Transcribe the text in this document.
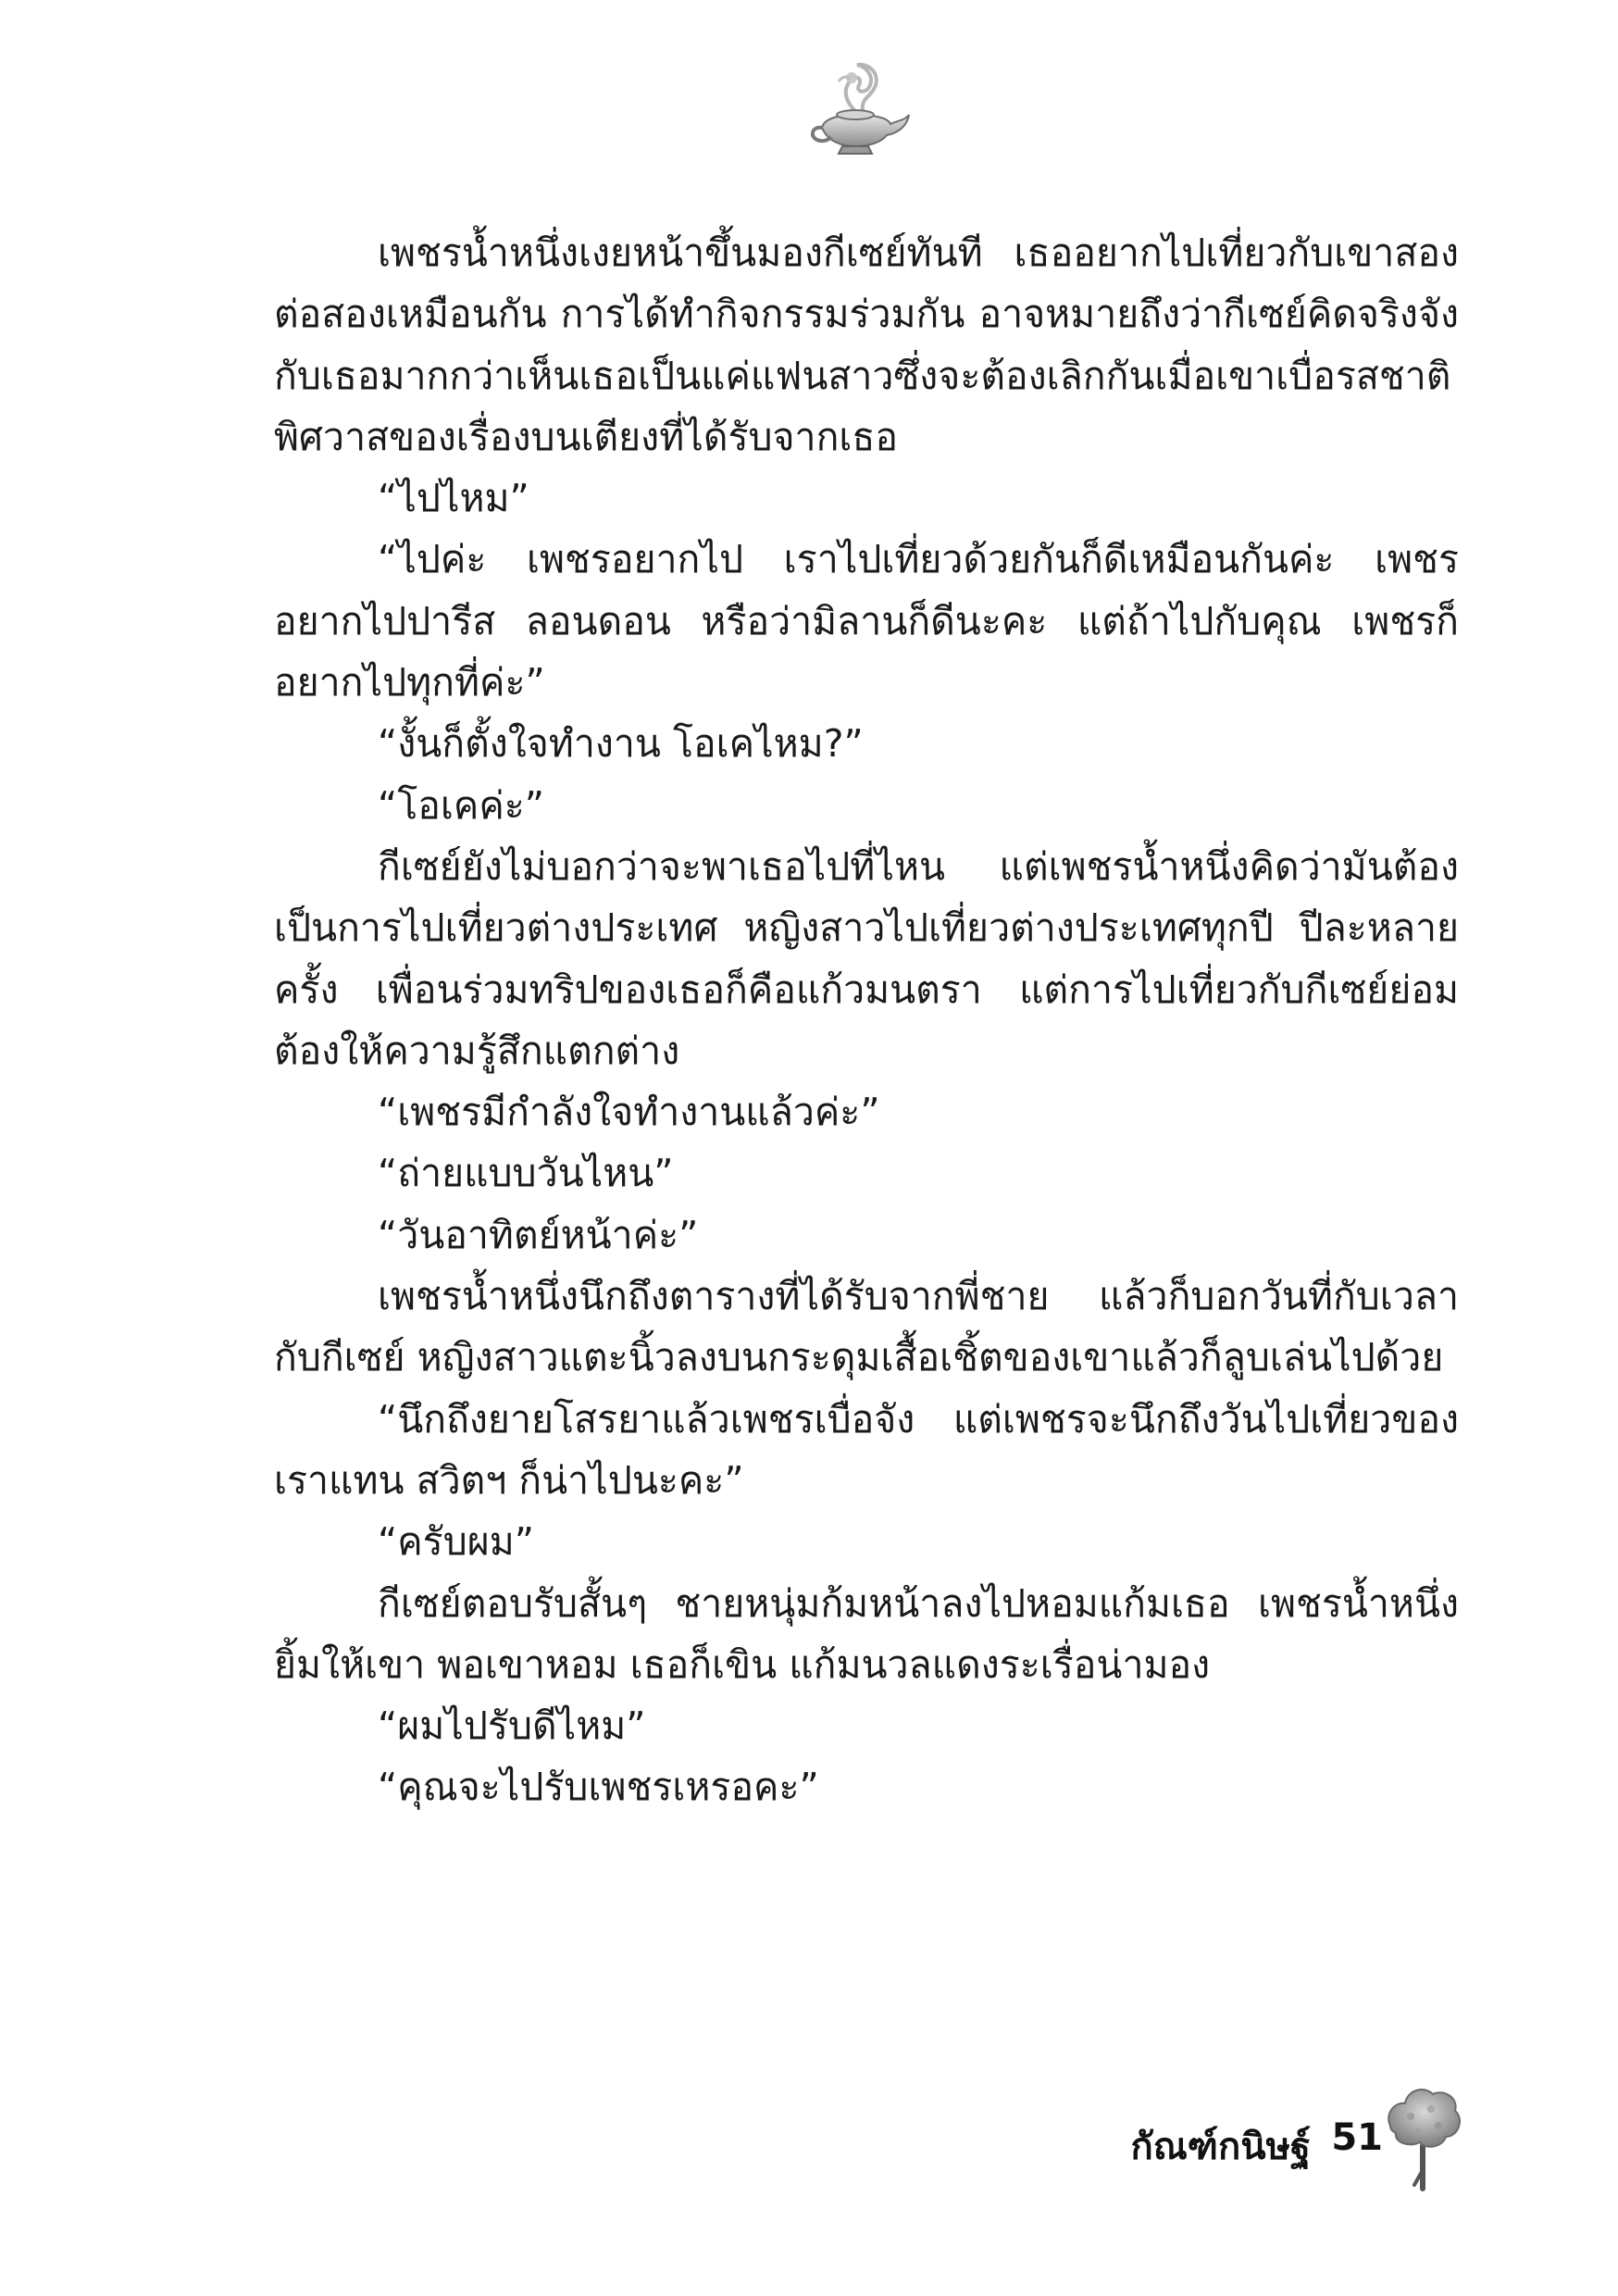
เพชรน้ำหนึ่งเงยหน้าขึ้นมองกีเซย์ทันที เธออยากไปเที่ยวกับเขาสองต่อสองเหมือนกัน การได้ทำกิจกรรมร่วมกัน อาจหมายถึงว่ากีเซย์คิดจริงจังกับเธอมากกว่าเห็นเธอเป็นแค่แฟนสาวซึ่งจะต้องเลิกกันเมื่อเขาเบื่อรสชาติพิศวาสของเรื่องบนเตียงที่ได้รับจากเธอ

“ไปไหม”

“ไปค่ะ เพชรอยากไป เราไปเที่ยวด้วยกันก็ดีเหมือนกันค่ะ เพชรอยากไปปารีส ลอนดอน หรือว่ามิลานก็ดีนะคะ แต่ถ้าไปกับคุณ เพชรก็อยากไปทุกที่ค่ะ”

“งั้นก็ตั้งใจทำงาน โอเคไหม?”

“โอเคค่ะ”

กีเซย์ยังไม่บอกว่าจะพาเธอไปที่ไหน แต่เพชรน้ำหนึ่งคิดว่ามันต้องเป็นการไปเที่ยวต่างประเทศ หญิงสาวไปเที่ยวต่างประเทศทุกปี ปีละหลายครั้ง เพื่อนร่วมทริปของเธอก็คือแก้วมนตรา แต่การไปเที่ยวกับกีเซย์ย่อมต้องให้ความรู้สึกแตกต่าง

“เพชรมีกำลังใจทำงานแล้วค่ะ”

“ถ่ายแบบวันไหน”

“วันอาทิตย์หน้าค่ะ”

เพชรน้ำหนึ่งนึกถึงตารางที่ได้รับจากพี่ชาย แล้วก็บอกวันที่กับเวลากับกีเซย์ หญิงสาวแตะนิ้วลงบนกระดุมเสื้อเชิ้ตของเขาแล้วก็ลูบเล่นไปด้วย

“นึกถึงยายโสรยาแล้วเพชรเบื่อจัง แต่เพชรจะนึกถึงวันไปเที่ยวของเราแทน สวิตฯ ก็น่าไปนะคะ”

“ครับผม”

กีเซย์ตอบรับสั้นๆ ชายหนุ่มก้มหน้าลงไปหอมแก้มเธอ เพชรน้ำหนึ่งยิ้มให้เขา พอเขาหอม เธอก็เขิน แก้มนวลแดงระเรื่อน่ามอง

“ผมไปรับดีไหม”

“คุณจะไปรับเพชรเหรอคะ”

กัณฑ์กนิษฐ์ 51
